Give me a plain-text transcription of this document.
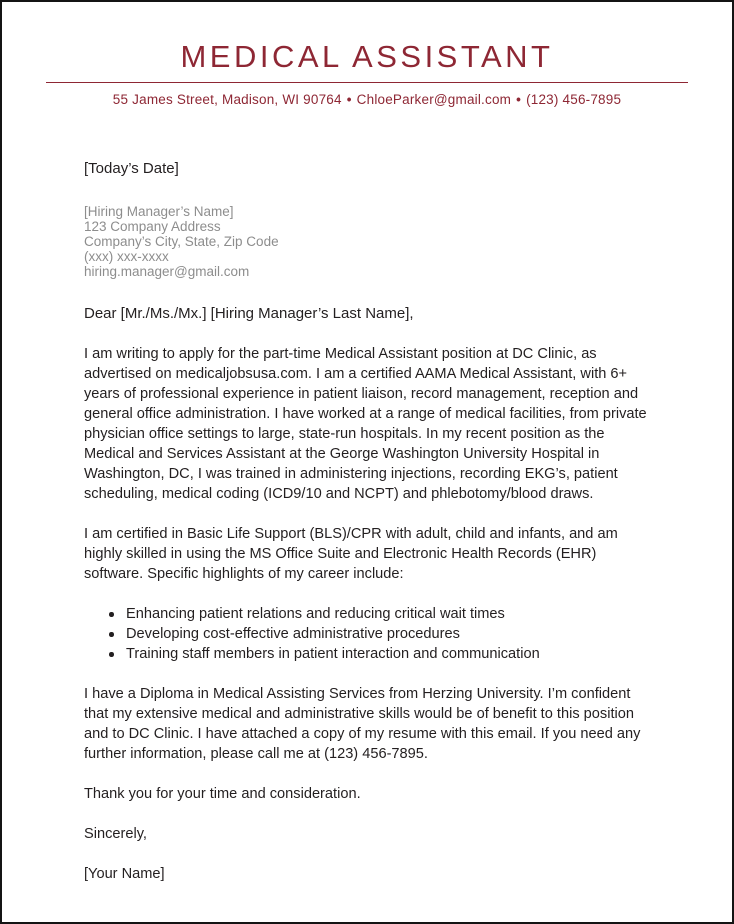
MEDICAL ASSISTANT
55 James Street, Madison, WI 90764 • ChloeParker@gmail.com • (123) 456-7895
[Today’s Date]
[Hiring Manager’s Name]
123 Company Address
Company’s City, State, Zip Code
(xxx) xxx-xxxx
hiring.manager@gmail.com
Dear [Mr./Ms./Mx.] [Hiring Manager’s Last Name],
I am writing to apply for the part-time Medical Assistant position at DC Clinic, as advertised on medicaljobsusa.com. I am a certified AAMA Medical Assistant, with 6+ years of professional experience in patient liaison, record management, reception and general office administration. I have worked at a range of medical facilities, from private physician office settings to large, state-run hospitals. In my recent position as the Medical and Services Assistant at the George Washington University Hospital in Washington, DC, I was trained in administering injections, recording EKG’s, patient scheduling, medical coding (ICD9/10 and NCPT) and phlebotomy/blood draws.
I am certified in Basic Life Support (BLS)/CPR with adult, child and infants, and am highly skilled in using the MS Office Suite and Electronic Health Records (EHR) software. Specific highlights of my career include:
Enhancing patient relations and reducing critical wait times
Developing cost-effective administrative procedures
Training staff members in patient interaction and communication
I have a Diploma in Medical Assisting Services from Herzing University. I’m confident that my extensive medical and administrative skills would be of benefit to this position and to DC Clinic. I have attached a copy of my resume with this email. If you need any further information, please call me at (123) 456-7895.
Thank you for your time and consideration.
Sincerely,
[Your Name]
